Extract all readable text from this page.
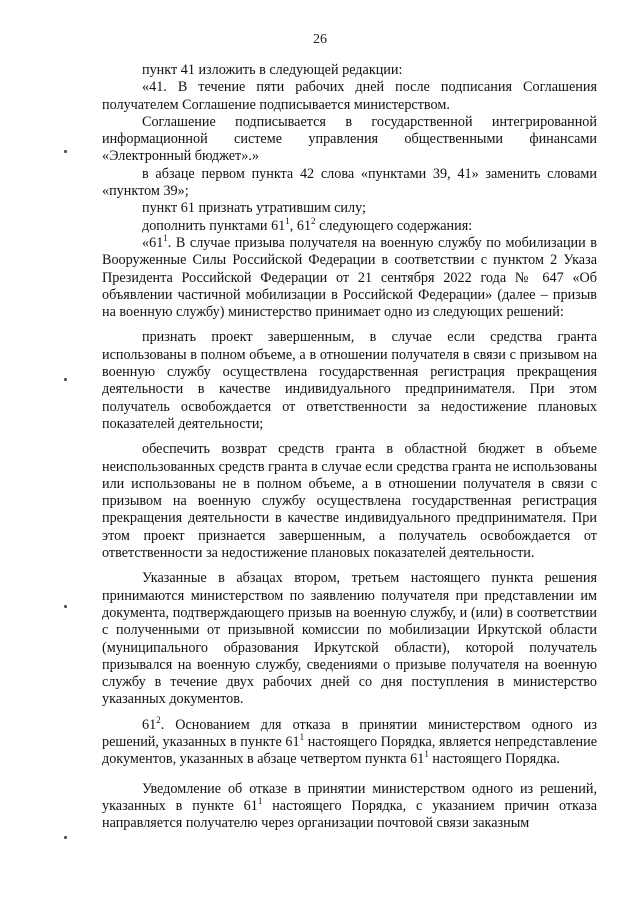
26

пункт 41 изложить в следующей редакции:

«41. В течение пяти рабочих дней после подписания Соглашения получателем Соглашение подписывается министерством.

Соглашение подписывается в государственной интегрированной информационной системе управления общественными финансами «Электронный бюджет».»

в абзаце первом пункта 42 слова «пунктами 39, 41» заменить словами «пунктом 39»;

пункт 61 признать утратившим силу;

дополнить пунктами $61^1$, $61^2$ следующего содержания:

«$61^1$. В случае призыва получателя на военную службу по мобилизации в Вооруженные Силы Российской Федерации в соответствии с пунктом 2 Указа Президента Российской Федерации от 21 сентября 2022 года № 647 «Об объявлении частичной мобилизации в Российской Федерации» (далее – призыв на военную службу) министерство принимает одно из следующих решений:

признать проект завершенным, в случае если средства гранта использованы в полном объеме, а в отношении получателя в связи с призывом на военную службу осуществлена государственная регистрация прекращения деятельности в качестве индивидуального предпринимателя. При этом получатель освобождается от ответственности за недостижение плановых показателей деятельности;

обеспечить возврат средств гранта в областной бюджет в объеме неиспользованных средств гранта в случае если средства гранта не использованы или использованы не в полном объеме, а в отношении получателя в связи с призывом на военную службу осуществлена государственная регистрация прекращения деятельности в качестве индивидуального предпринимателя. При этом проект признается завершенным, а получатель освобождается от ответственности за недостижение плановых показателей деятельности.

Указанные в абзацах втором, третьем настоящего пункта решения принимаются министерством по заявлению получателя при представлении им документа, подтверждающего призыв на военную службу, и (или) в соответствии с полученными от призывной комиссии по мобилизации Иркутской области (муниципального образования Иркутской области), которой получатель призывался на военную службу, сведениями о призыве получателя на военную службу в течение двух рабочих дней со дня поступления в министерство указанных документов.

$61^2$. Основанием для отказа в принятии министерством одного из решений, указанных в пункте $61^1$ настоящего Порядка, является непредставление документов, указанных в абзаце четвертом пункта $61^1$ настоящего Порядка.

Уведомление об отказе в принятии министерством одного из решений, указанных в пункте $61^1$ настоящего Порядка, с указанием причин отказа направляется получателю через организации почтовой связи заказным
